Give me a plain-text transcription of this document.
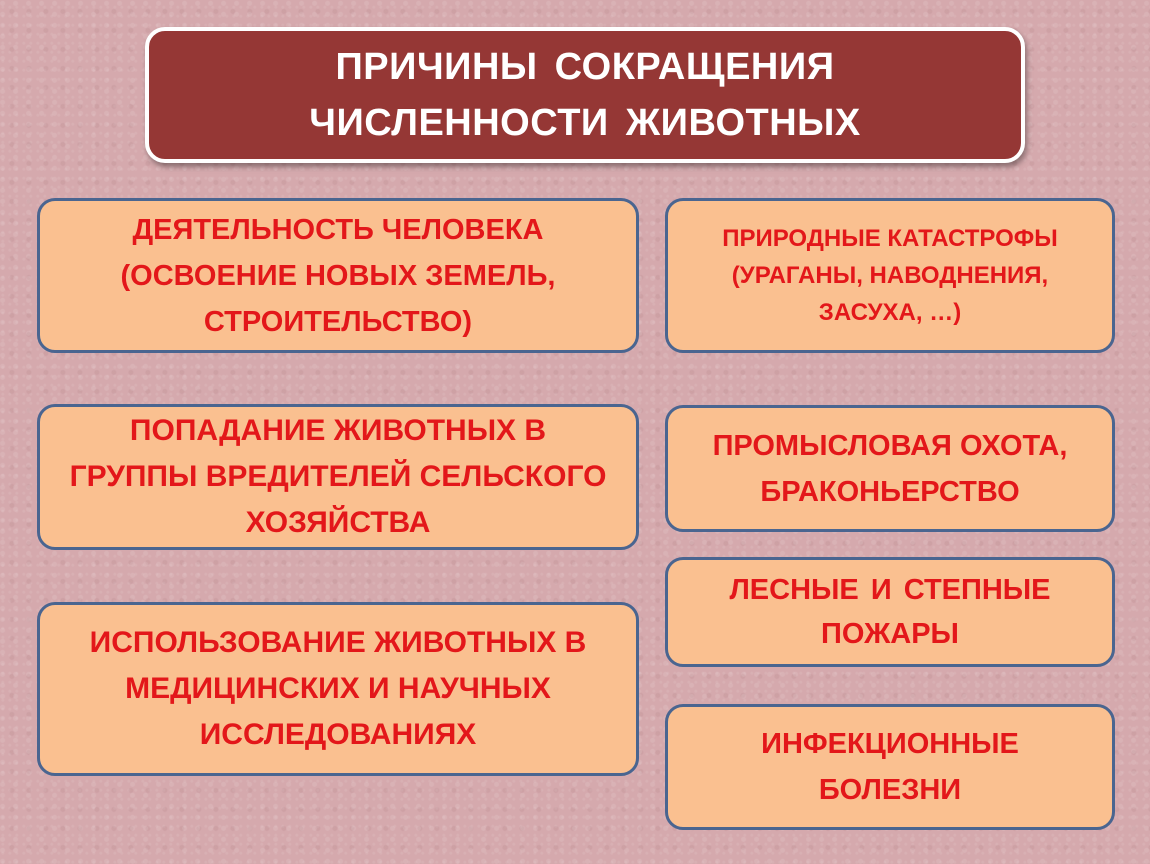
ПРИЧИНЫ СОКРАЩЕНИЯ
ЧИСЛЕННОСТИ ЖИВОТНЫХ
ДЕЯТЕЛЬНОСТЬ ЧЕЛОВЕКА
(ОСВОЕНИЕ НОВЫХ ЗЕМЕЛЬ,
СТРОИТЕЛЬСТВО)
ПРИРОДНЫЕ КАТАСТРОФЫ
(УРАГАНЫ, НАВОДНЕНИЯ,
ЗАСУХА, …)
ПОПАДАНИЕ ЖИВОТНЫХ В
ГРУППЫ ВРЕДИТЕЛЕЙ СЕЛЬСКОГО
ХОЗЯЙСТВА
ПРОМЫСЛОВАЯ ОХОТА,
БРАКОНЬЕРСТВО
ИСПОЛЬЗОВАНИЕ ЖИВОТНЫХ В
МЕДИЦИНСКИХ И НАУЧНЫХ
ИССЛЕДОВАНИЯХ
ЛЕСНЫЕ И СТЕПНЫЕ
ПОЖАРЫ
ИНФЕКЦИОННЫЕ
БОЛЕЗНИ
